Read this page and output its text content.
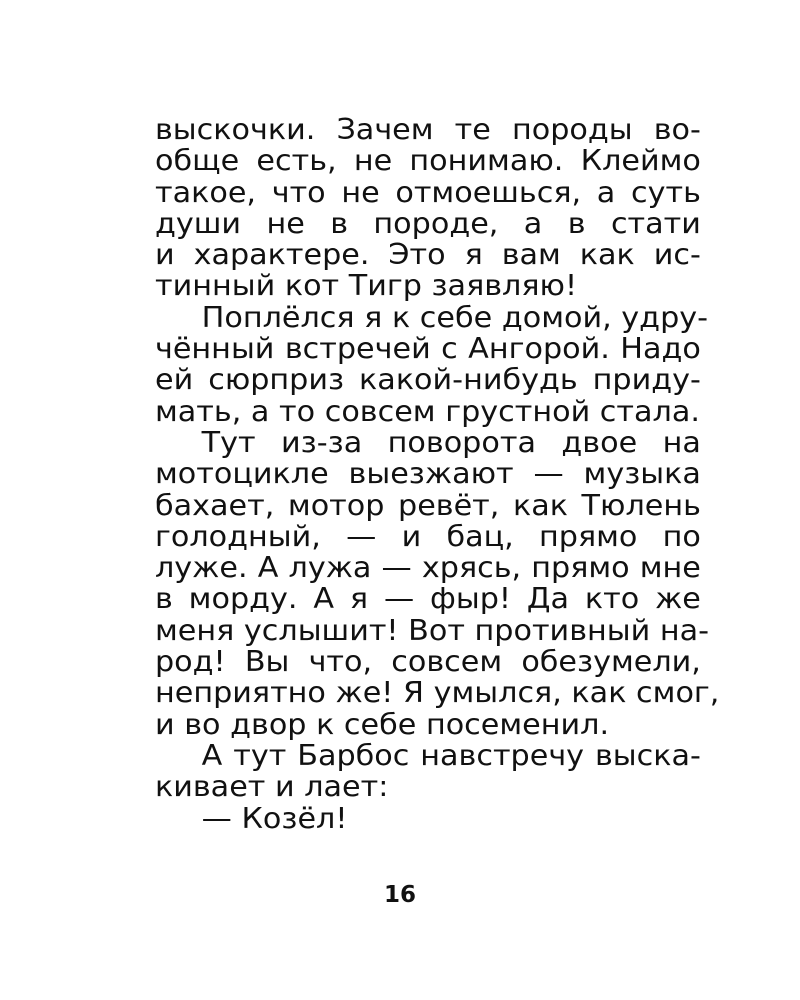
выскочки. Зачем те породы во-
обще есть, не понимаю. Клеймо
такое, что не отмоешься, а суть
души не в породе, а в стати
и характере. Это я вам как ис-
тинный кот Тигр заявляю!
Поплёлся я к себе домой, удру-
чённый встречей с Ангорой. Надо
ей сюрприз какой-нибудь приду-
мать, а то совсем грустной стала.
Тут из-за поворота двое на
мотоцикле выезжают — музыка
бахает, мотор ревёт, как Тюлень
голодный, — и бац, прямо по
луже. А лужа — хрясь, прямо мне
в морду. А я — фыр! Да кто же
меня услышит! Вот противный на-
род! Вы что, совсем обезумели,
неприятно же! Я умылся, как смог,
и во двор к себе посеменил.
А тут Барбос навстречу выска-
кивает и лает:
— Козёл!
16
